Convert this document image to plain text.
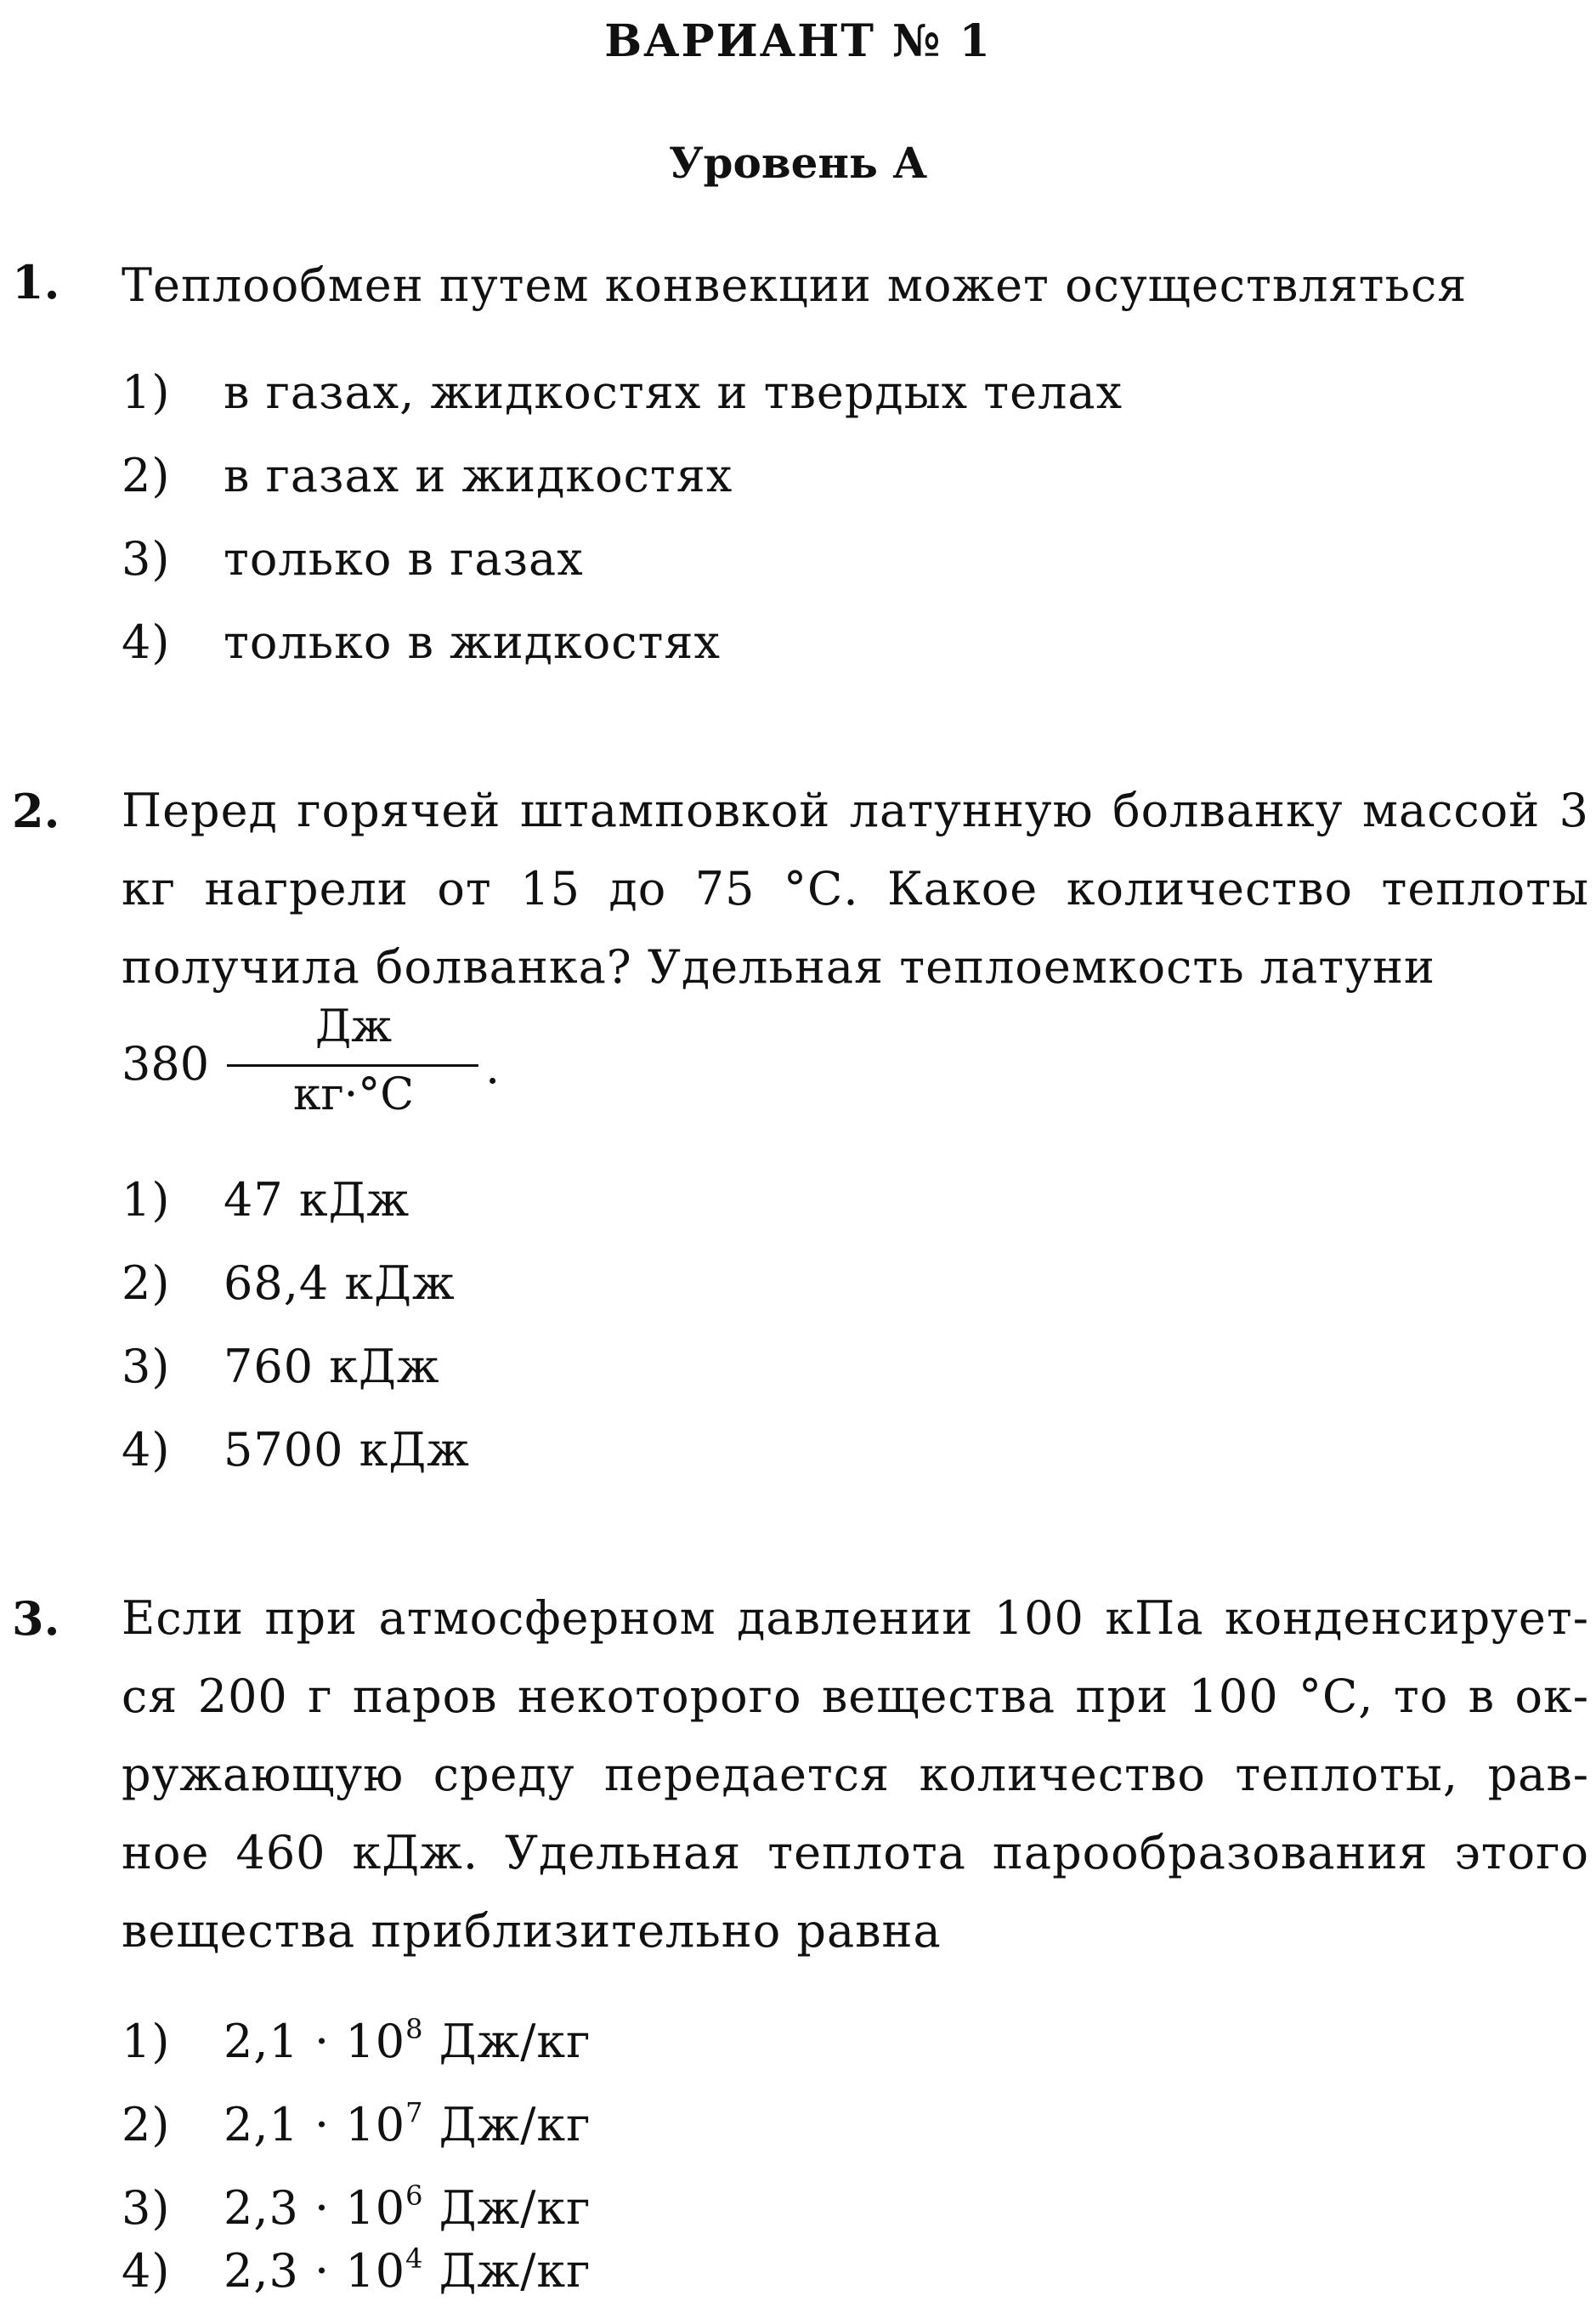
ВАРИАНТ № 1
Уровень А
1. Теплообмен путем конвекции может осуществляться
1) в газах, жидкостях и твердых телах
2) в газах и жидкостях
3) только в газах
4) только в жидкостях
2. Перед горячей штамповкой латунную болванку массой 3 кг нагрели от 15 до 75 °С. Какое количество теплоты получила болванка? Удельная теплоемкость латуни
380
Дж
кг·°С
.
1) 47 кДж
2) 68,4 кДж
3) 760 кДж
4) 5700 кДж
3. Если при атмосферном давлении 100 кПа конденсирует-
ся 200 г паров некоторого вещества при 100 °С, то в ок-
ружающую среду передается количество теплоты, рав-
ное 460 кДж. Удельная теплота парообразования этого
вещества приблизительно равна
1) $2,1 \cdot 10^8$ Дж/кг
2) $2,1 \cdot 10^7$ Дж/кг
3) $2,3 \cdot 10^6$ Дж/кг
4) $2,3 \cdot 10^4$ Дж/кг
